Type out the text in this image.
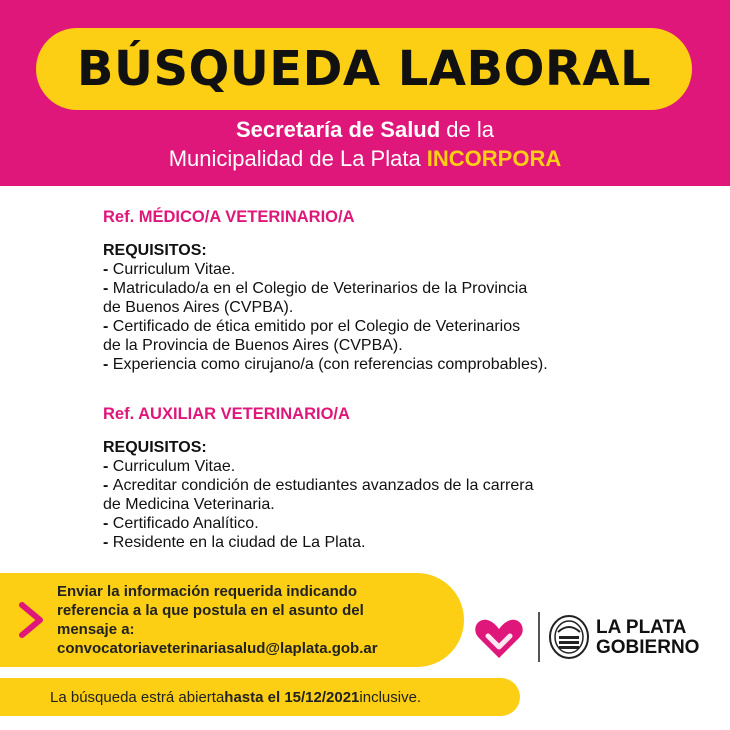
BÚSQUEDA LABORAL
Secretaría de Salud de la
Municipalidad de La Plata INCORPORA
Ref. MÉDICO/A VETERINARIO/A
REQUISITOS:
- Curriculum Vitae.
- Matriculado/a en el Colegio de Veterinarios de la Provincia
de Buenos Aires (CVPBA).
- Certificado de ética emitido por el Colegio de Veterinarios
de la Provincia de Buenos Aires (CVPBA).
- Experiencia como cirujano/a (con referencias comprobables).
Ref. AUXILIAR VETERINARIO/A
REQUISITOS:
- Curriculum Vitae.
- Acreditar condición de estudiantes avanzados de la carrera
de Medicina Veterinaria.
- Certificado Analítico.
- Residente en la ciudad de La Plata.
Enviar la información requerida indicando
referencia a la que postula en el asunto del
mensaje a:
convocatoriaveterinariasalud@laplata.gob.ar
La búsqueda estrá abierta hasta el 15/12/2021 inclusive.
LA PLATA
GOBIERNO
